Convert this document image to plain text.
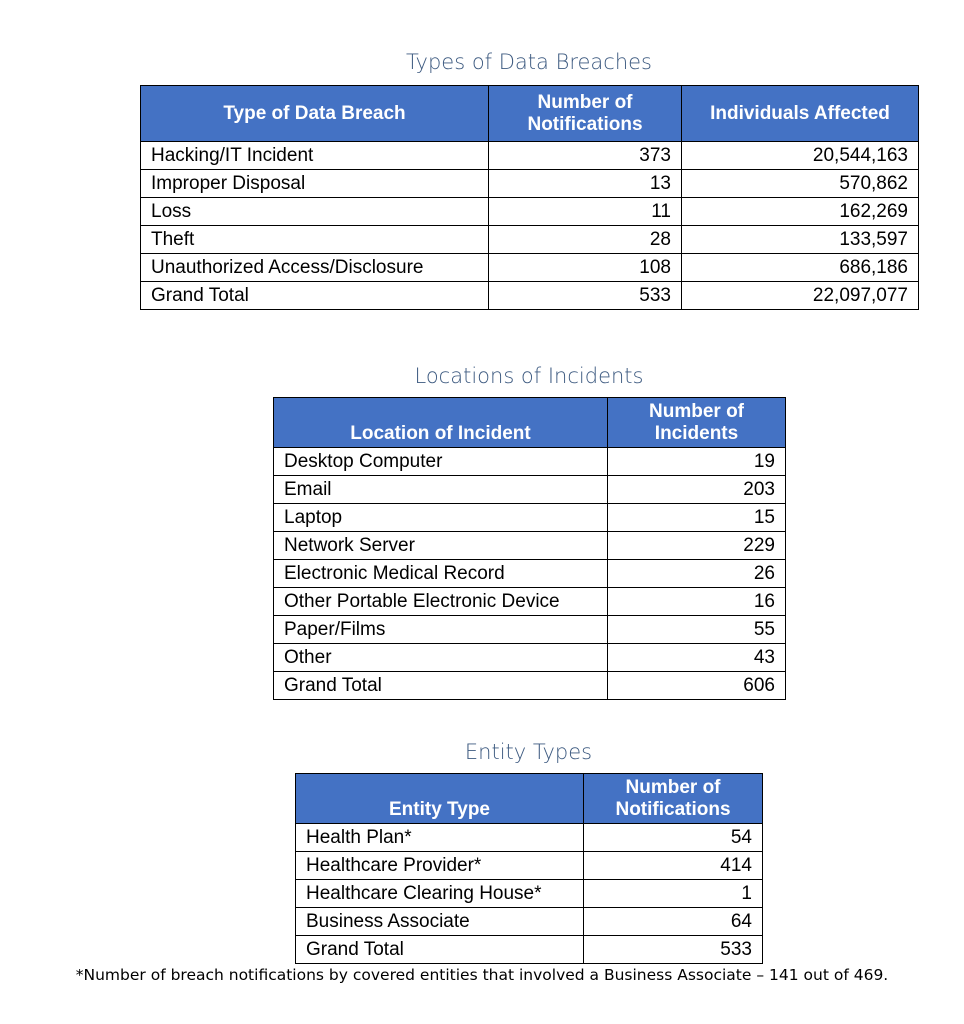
Types of Data Breaches
Type of Data Breach	Number of Notifications	Individuals Affected
Hacking/IT Incident	373	20,544,163
Improper Disposal	13	570,862
Loss	11	162,269
Theft	28	133,597
Unauthorized Access/Disclosure	108	686,186
Grand Total	533	22,097,077
Locations of Incidents
Location of Incident	Number of Incidents
Desktop Computer	19
Email	203
Laptop	15
Network Server	229
Electronic Medical Record	26
Other Portable Electronic Device	16
Paper/Films	55
Other	43
Grand Total	606
Entity Types
Entity Type	Number of Notifications
Health Plan*	54
Healthcare Provider*	414
Healthcare Clearing House*	1
Business Associate	64
Grand Total	533
*Number of breach notifications by covered entities that involved a Business Associate – 141 out of 469.
